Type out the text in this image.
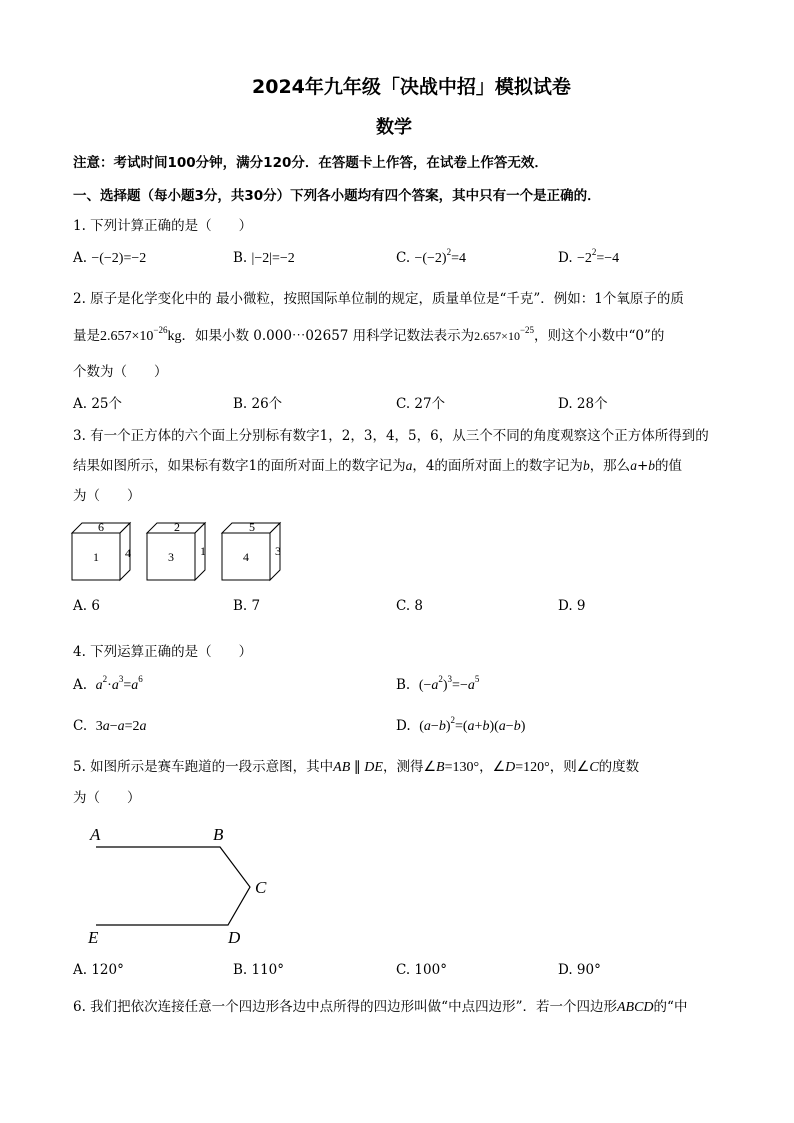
2024年九年级「决战中招」模拟试卷
数学
注意：考试时间100分钟，满分120分．在答题卡上作答，在试卷上作答无效．
一、选择题（每小题3分，共30分）下列各小题均有四个答案，其中只有一个是正确的．
1. 下列计算正确的是（　　）
A. −(−2)=−2	B. |−2|=−2	C. $-(-2)^2=4$	D. $-2^2=-4$
2. 原子是化学变化中的 最小微粒，按照国际单位制的规定，质量单位是“千克”．例如：1个氧原子的质
量是$2.657\times 10^{-26}kg$．如果小数 0.000⋯02657 用科学记数法表示为$2.657\times 10^{-25}$，则这个小数中“0”的
个数为（　　）
A. 25个	B. 26个	C. 27个	D. 28个
3. 有一个正方体的六个面上分别标有数字1，2，3，4，5，6，从三个不同的角度观察这个正方体所得到的
结果如图所示，如果标有数字1的面所对面上的数字记为a，4的面所对面上的数字记为b，那么a+b的值
为（　　）
6
1 4
2
3 1
5
4 3
A. 6	B. 7	C. 8	D. 9
4. 下列运算正确的是（　　）
A. $a^2\cdot a^3=a^6$	B. $(-a^2)^3=-a^5$
C. 3a−a=2a	D. $(a-b)^2=(a+b)(a-b)$
5. 如图所示是赛车跑道的一段示意图，其中AB ∥ DE，测得∠B=130°，∠D=120°，则∠C的度数
为（　　）
A	B
C
D
E
A. 120°	B. 110°	C. 100°	D. 90°
6. 我们把依次连接任意一个四边形各边中点所得的四边形叫做“中点四边形”．若一个四边形ABCD的“中
